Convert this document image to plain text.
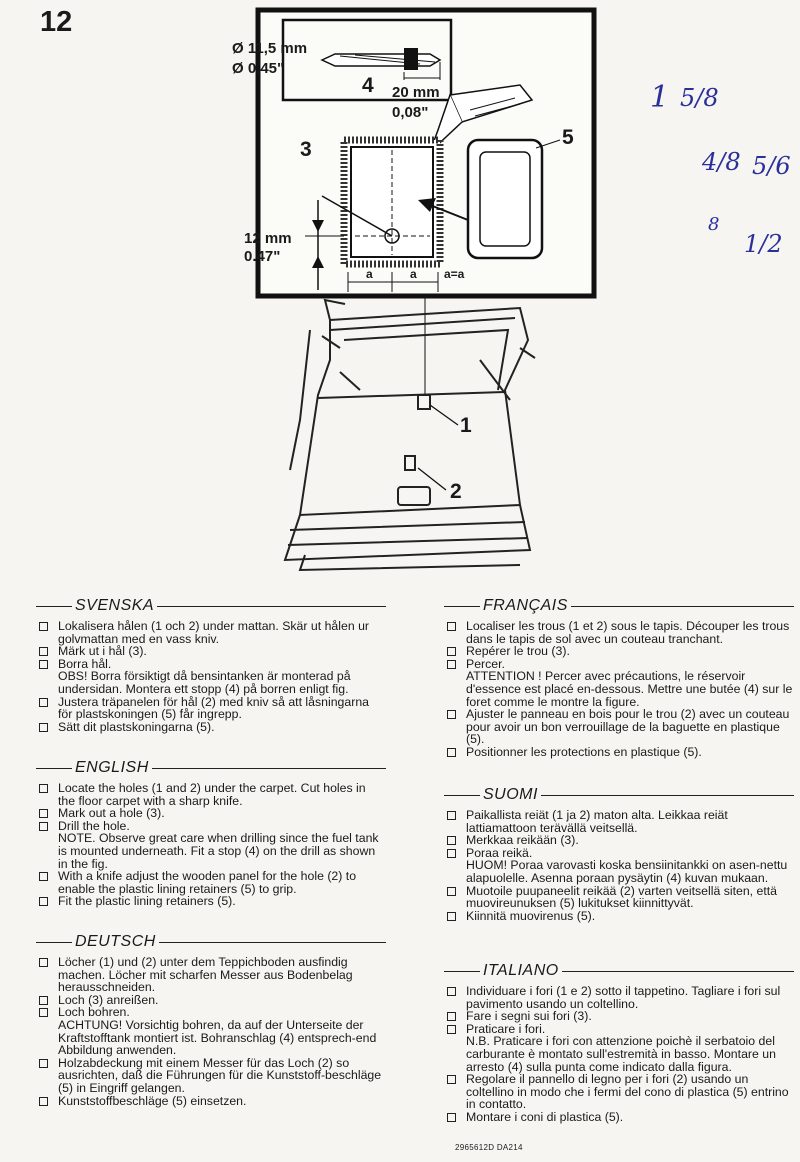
12
Ø 11,5 mm
Ø 0,45"
20 mm
0,08"
12 mm
0.47"
a	a a=a
4
3
5
1
2
1 5/8
4/8 5/6
8
1/2
SVENSKA
Lokalisera hålen (1 och 2) under mattan. Skär ut hålen ur golvmattan med en vass kniv.
Märk ut i hål (3).
Borra hål.
OBS! Borra försiktigt då bensintanken är monterad på undersidan. Montera ett stopp (4) på borren enligt fig.
Justera träpanelen för hål (2) med kniv så att låsningarna för plastskoningen (5) får ingrepp.
Sätt dit plastskoningarna (5).
ENGLISH
Locate the holes (1 and 2) under the carpet. Cut holes in the floor carpet with a sharp knife.
Mark out a hole (3).
Drill the hole.
NOTE. Observe great care when drilling since the fuel tank is mounted underneath. Fit a stop (4) on the drill as shown in the fig.
With a knife adjust the wooden panel for the hole (2) to enable the plastic lining retainers (5) to grip.
Fit the plastic lining retainers (5).
DEUTSCH
Löcher (1) und (2) unter dem Teppichboden ausfindig machen. Löcher mit scharfen Messer aus Bodenbelag herausschneiden.
Loch (3) anreißen.
Loch bohren.
ACHTUNG! Vorsichtig bohren, da auf der Unterseite der Kraftstofftank montiert ist. Bohranschlag (4) entsprech-end Abbildung anwenden.
Holzabdeckung mit einem Messer für das Loch (2) so ausrichten, daß die Führungen für die Kunststoff-beschläge (5) in Eingriff gelangen.
Kunststoffbeschläge (5) einsetzen.
FRANÇAIS
Localiser les trous (1 et 2) sous le tapis. Découper les trous dans le tapis de sol avec un couteau tranchant.
Repérer le trou (3).
Percer.
ATTENTION ! Percer avec précautions, le réservoir d'essence est placé en-dessous. Mettre une butée (4) sur le foret comme le montre la figure.
Ajuster le panneau en bois pour le trou (2) avec un couteau pour avoir un bon verrouillage de la baguette en plastique (5).
Positionner les protections en plastique (5).
SUOMI
Paikallista reiät (1 ja 2) maton alta. Leikkaa reiät lattiamattoon terävällä veitsellä.
Merkkaa reikään (3).
Poraa reikä.
HUOM! Poraa varovasti koska bensiinitankki on asen-nettu alapuolelle. Asenna poraan pysäytin (4) kuvan mukaan.
Muotoile puupaneelit reikää (2) varten veitsellä siten, että muovireunuksen (5) lukitukset kiinnittyvät.
Kiinnitä muovirenus (5).
ITALIANO
Individuare i fori (1 e 2) sotto il tappetino. Tagliare i fori sul pavimento usando un coltellino.
Fare i segni sui fori (3).
Praticare i fori.
N.B. Praticare i fori con attenzione poichè il serbatoio del carburante è montato sull'estremità in basso. Montare un arresto (4) sulla punta come indicato dalla figura.
Regolare il pannello di legno per i fori (2) usando un coltellino in modo che i fermi del cono di plastica (5) entrino in contatto.
Montare i coni di plastica (5).
2965612D DA214
